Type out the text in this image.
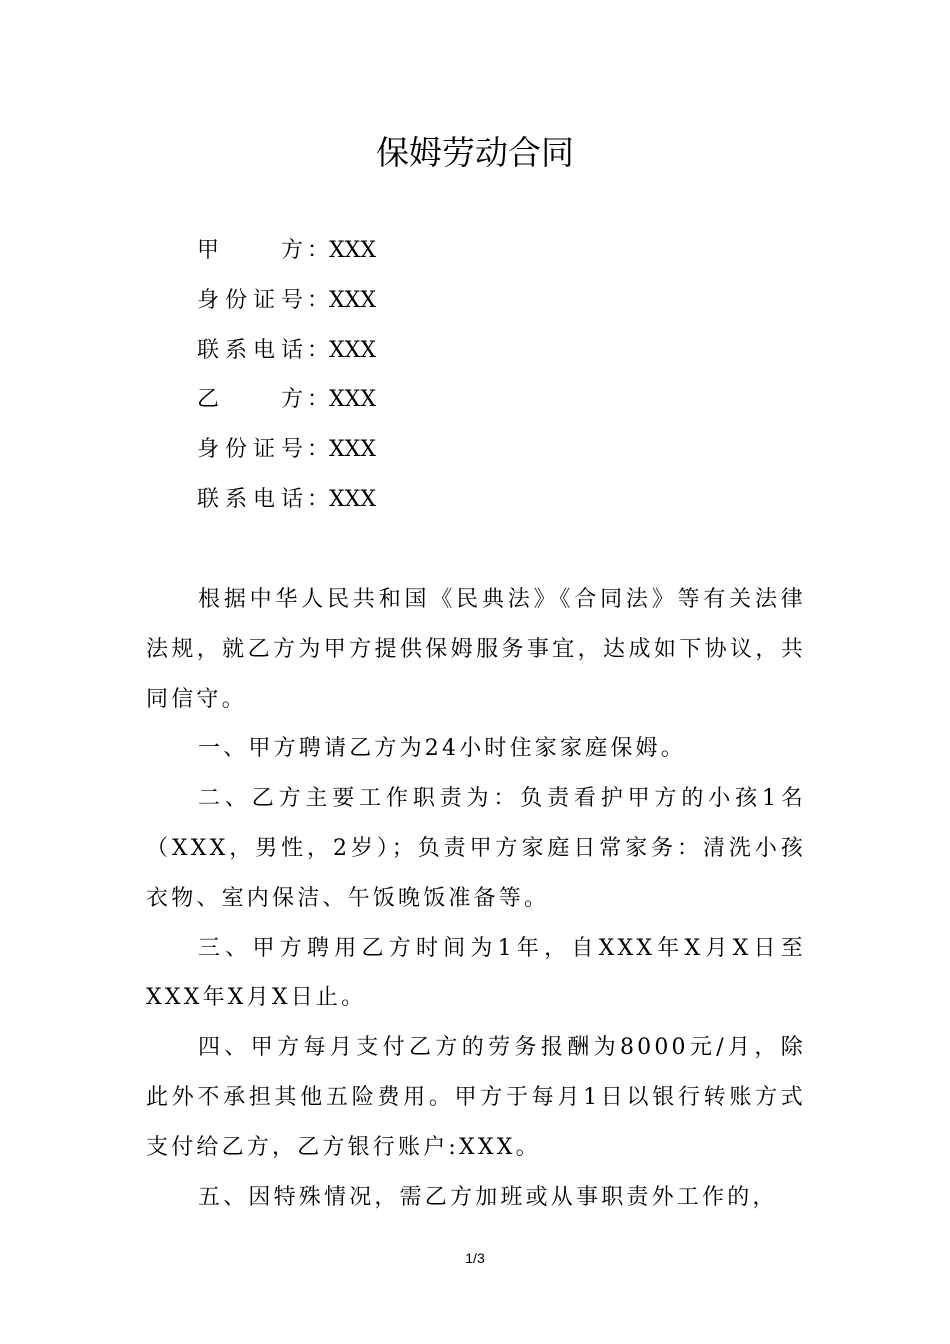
保姆劳动合同
甲方：XXX
身份证号：XXX
联系电话：XXX
乙方：XXX
身份证号：XXX
联系电话：XXX

根据中华人民共和国《民典法》《合同法》等有关法律法规，就乙方为甲方提供保姆服务事宜，达成如下协议，共同信守。

一、甲方聘请乙方为24小时住家家庭保姆。

二、乙方主要工作职责为：负责看护甲方的小孩1名（XXX，男性，2岁）；负责甲方家庭日常家务：清洗小孩衣物、室内保洁、午饭晚饭准备等。

三、甲方聘用乙方时间为1年，自XXX年X月X日至XXX年X月X日止。

四、甲方每月支付乙方的劳务报酬为8000元/月，除此外不承担其他五险费用。甲方于每月1日以银行转账方式支付给乙方，乙方银行账户:XXX。

五、因特殊情况，需乙方加班或从事职责外工作的，

1/3
